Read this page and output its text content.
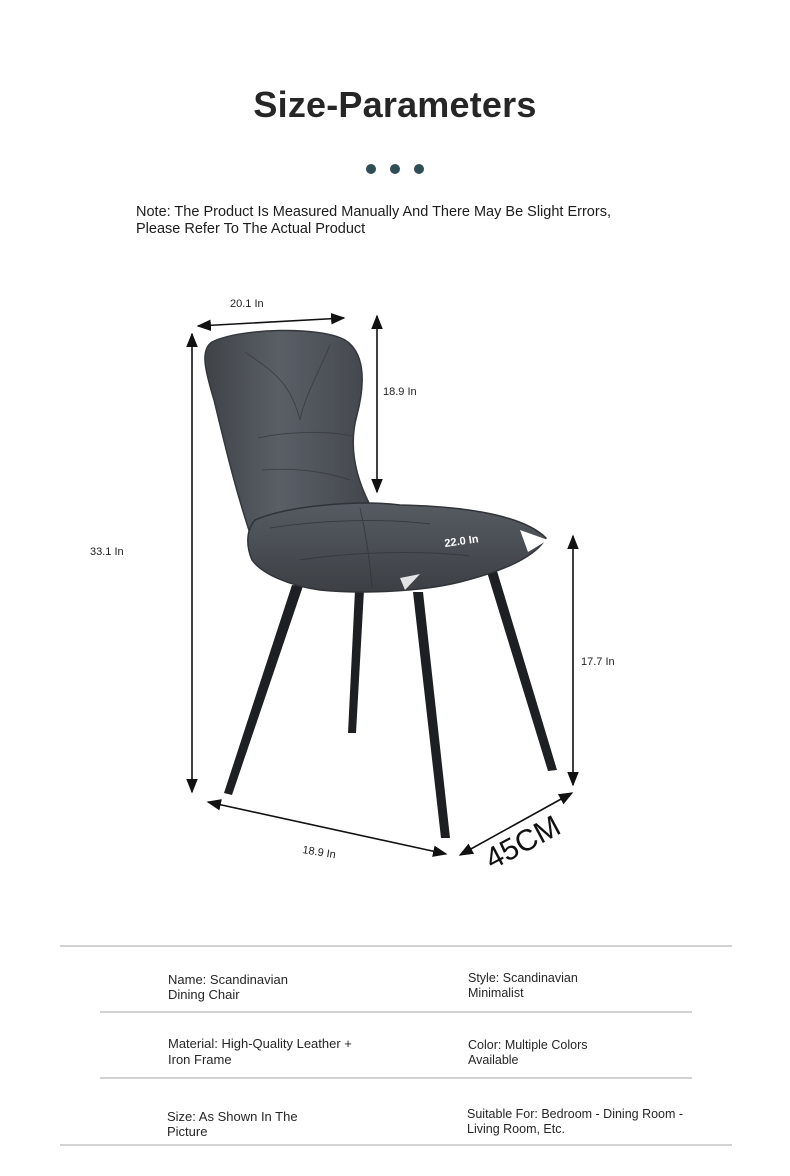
Size-Parameters
Note: The Product Is Measured Manually And There May Be Slight Errors,
Please Refer To The Actual Product
20.1 In
18.9 In
33.1 In
22.0 In
17.7 In
18.9 In	45CM
Name: Scandinavian
Dining Chair
Style: Scandinavian
Minimalist
Material: High-Quality Leather +
Iron Frame
Color: Multiple Colors
Available
Size: As Shown In The
Picture
Suitable For: Bedroom - Dining Room -
Living Room, Etc.
